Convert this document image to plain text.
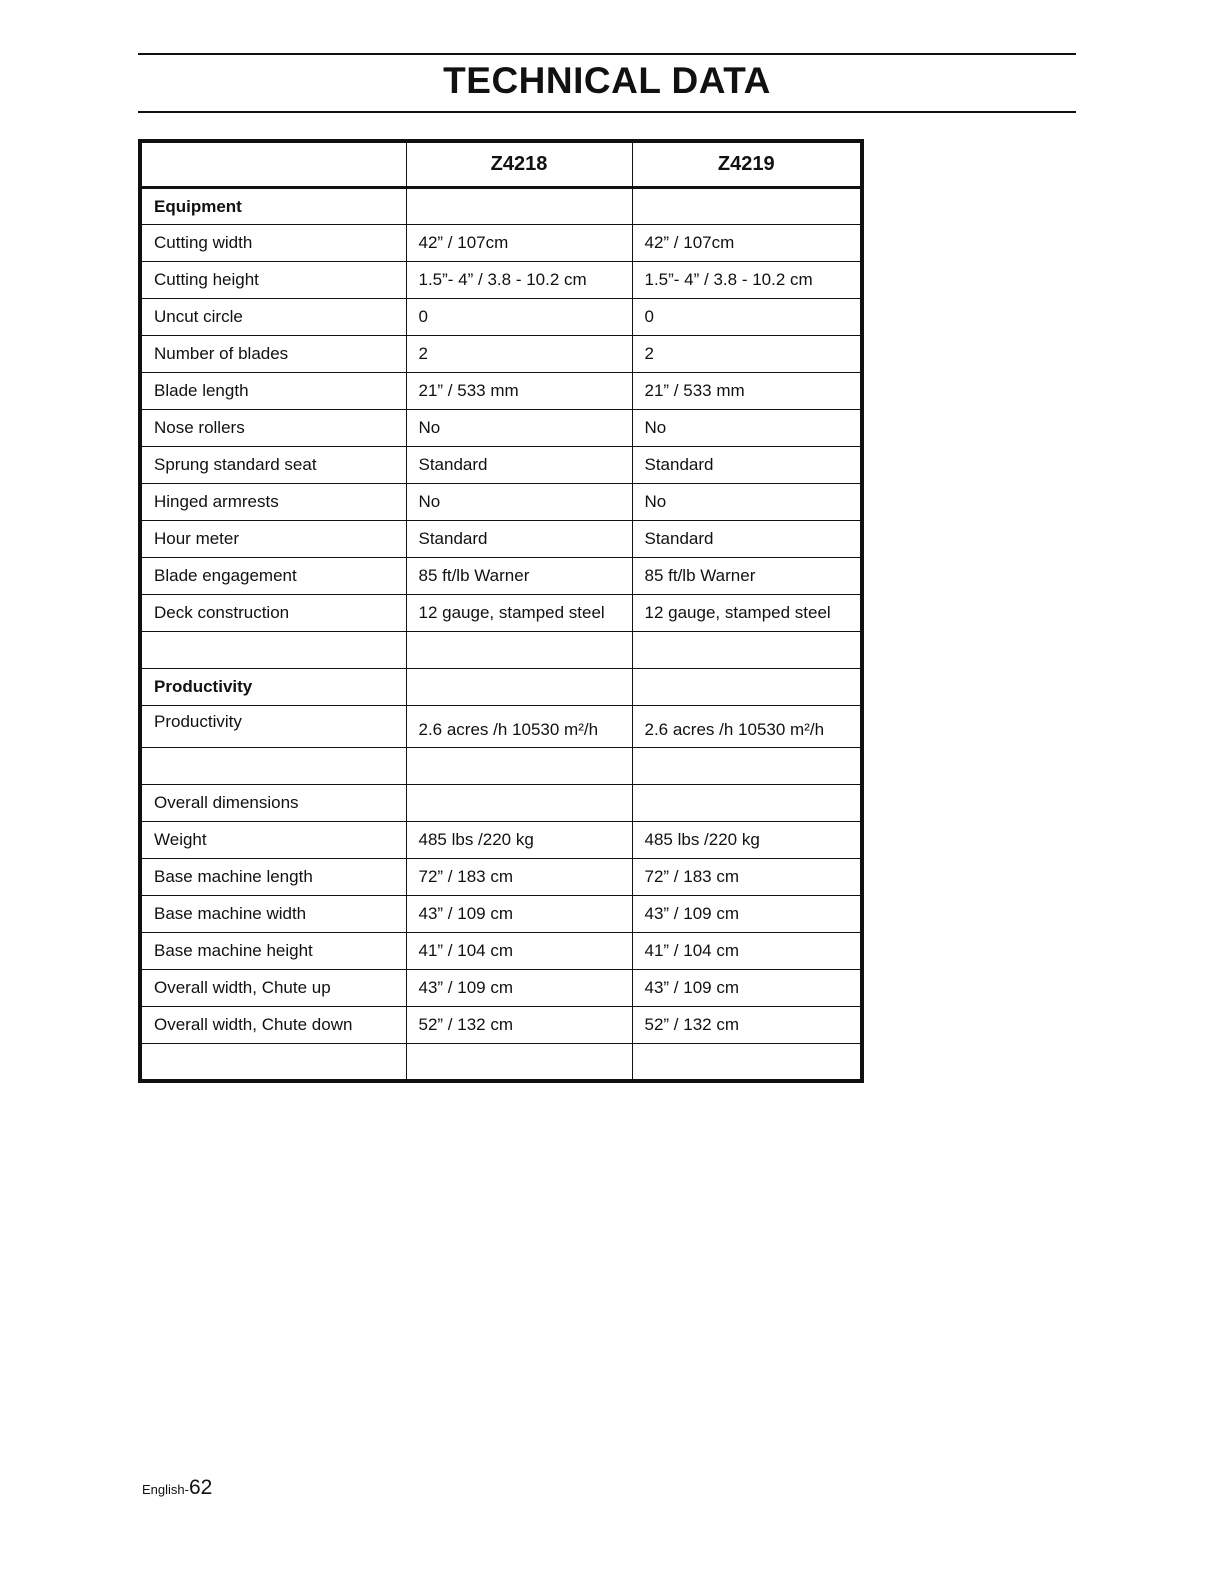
TECHNICAL DATA
	Z4218	Z4219
Equipment		
Cutting width	42” / 107cm	42” / 107cm
Cutting height	1.5”- 4” / 3.8 - 10.2 cm	1.5”- 4” / 3.8 - 10.2 cm
Uncut circle	0	0
Number of blades	2	2
Blade length	21” / 533 mm	21” / 533 mm
Nose rollers	No	No
Sprung standard seat	Standard	Standard
Hinged armrests	No	No
Hour meter	Standard	Standard
Blade engagement	85 ft/lb Warner	85 ft/lb Warner
Deck construction	12 gauge, stamped steel	12 gauge, stamped steel

Productivity		
Productivity	2.6 acres /h 10530 m²/h	2.6 acres /h 10530 m²/h

Overall dimensions		
Weight	485 lbs /220 kg	485 lbs /220 kg
Base machine length	72” / 183 cm	72” / 183 cm
Base machine width	43” / 109 cm	43” / 109 cm
Base machine height	41” / 104 cm	41” / 104 cm
Overall width, Chute up	43” / 109 cm	43” / 109 cm
Overall width, Chute down	52” / 132 cm	52” / 132 cm

English-62
